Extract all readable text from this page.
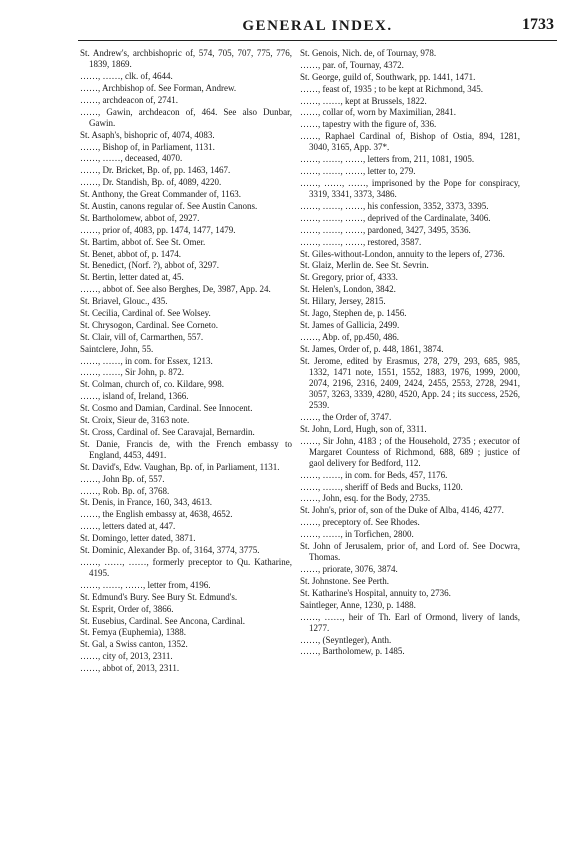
GENERAL INDEX.	1733
St. Andrew's, archbishopric of, 574, 705, 707, 775, 776, 1839, 1869.
……, ……, clk. of, 4644.
……, Archbishop of. See Forman, Andrew.
……, archdeacon of, 2741.
……, Gawin, archdeacon of, 464. See also Dunbar, Gawin.
St. Asaph's, bishopric of, 4074, 4083.
……, Bishop of, in Parliament, 1131.
……, ……, deceased, 4070.
……, Dr. Bricket, Bp. of, pp. 1463, 1467.
……, Dr. Standish, Bp. of, 4089, 4220.
St. Anthony, the Great Commander of, 1163.
St. Austin, canons regular of. See Austin Canons.
St. Bartholomew, abbot of, 2927.
……, prior of, 4083, pp. 1474, 1477, 1479.
St. Bartim, abbot of. See St. Omer.
St. Benet, abbot of, p. 1474.
St. Benedict, (Norf. ?), abbot of, 3297.
St. Bertin, letter dated at, 45.
……, abbot of. See also Berghes, De, 3987, App. 24.
St. Briavel, Glouc., 435.
St. Cecilia, Cardinal of. See Wolsey.
St. Chrysogon, Cardinal. See Corneto.
St. Clair, vill of, Carmarthen, 557.
Saintclere, John, 55.
……, ……, in com. for Essex, 1213.
……, ……, Sir John, p. 872.
St. Colman, church of, co. Kildare, 998.
……, island of, Ireland, 1366.
St. Cosmo and Damian, Cardinal. See Innocent.
St. Croix, Sieur de, 3163 note.
St. Cross, Cardinal of. See Caravajal, Bernardin.
St. Danie, Francis de, with the French embassy to England, 4453, 4491.
St. David's, Edw. Vaughan, Bp. of, in Parliament, 1131.
……, John Bp. of, 557.
……, Rob. Bp. of, 3768.
St. Denis, in France, 160, 343, 4613.
……, the English embassy at, 4638, 4652.
……, letters dated at, 447.
St. Domingo, letter dated, 3871.
St. Dominic, Alexander Bp. of, 3164, 3774, 3775.
……, ……, ……, formerly preceptor to Qu. Katharine, 4195.
……, ……, ……, letter from, 4196.
St. Edmund's Bury. See Bury St. Edmund's.
St. Esprit, Order of, 3866.
St. Eusebius, Cardinal. See Ancona, Cardinal.
St. Femya (Euphemia), 1388.
St. Gal, a Swiss canton, 1352.
……, city of, 2013, 2311.
……, abbot of, 2013, 2311.
St. Genois, Nich. de, of Tournay, 978.
……, par. of, Tournay, 4372.
St. George, guild of, Southwark, pp. 1441, 1471.
……, feast of, 1935 ; to be kept at Richmond, 345.
……, ……, kept at Brussels, 1822.
……, collar of, worn by Maximilian, 2841.
……, tapestry with the figure of, 336.
……, Raphael Cardinal of, Bishop of Ostia, 894, 1281, 3040, 3165, App. 37*.
……, ……, ……, letters from, 211, 1081, 1905.
……, ……, ……, letter to, 279.
……, ……, ……, imprisoned by the Pope for conspiracy, 3319, 3341, 3373, 3486.
……, ……, ……, his confession, 3352, 3373, 3395.
……, ……, ……, deprived of the Cardinalate, 3406.
……, ……, ……, pardoned, 3427, 3495, 3536.
……, ……, ……, restored, 3587.
St. Giles-without-London, annuity to the lepers of, 2736.
St. Glaiz, Merlin de. See St. Sevrin.
St. Gregory, prior of, 4333.
St. Helen's, London, 3842.
St. Hilary, Jersey, 2815.
St. Jago, Stephen de, p. 1456.
St. James of Gallicia, 2499.
……, Abp. of, pp.450, 486.
St. James, Order of, p. 448, 1861, 3874.
St. Jerome, edited by Erasmus, 278, 279, 293, 685, 985, 1332, 1471 note, 1551, 1552, 1883, 1976, 1999, 2000, 2074, 2196, 2316, 2409, 2424, 2455, 2553, 2728, 2941, 3057, 3263, 3339, 4280, 4520, App. 24 ; its success, 2526, 2539.
……, the Order of, 3747.
St. John, Lord, Hugh, son of, 3311.
……, Sir John, 4183 ; of the Household, 2735 ; executor of Margaret Countess of Richmond, 688, 689 ; justice of gaol delivery for Bedford, 112.
……, ……, in com. for Beds, 457, 1176.
……, ……, sheriff of Beds and Bucks, 1120.
……, John, esq. for the Body, 2735.
St. John's, prior of, son of the Duke of Alba, 4146, 4277.
……, preceptory of. See Rhodes.
……, ……, in Torfichen, 2800.
St. John of Jerusalem, prior of, and Lord of. See Docwra, Thomas.
……, priorate, 3076, 3874.
St. Johnstone. See Perth.
St. Katharine's Hospital, annuity to, 2736.
Saintleger, Anne, 1230, p. 1488.
……, ……, heir of Th. Earl of Ormond, livery of lands, 1277.
……, (Seyntleger), Anth.
……, Bartholomew, p. 1485.
